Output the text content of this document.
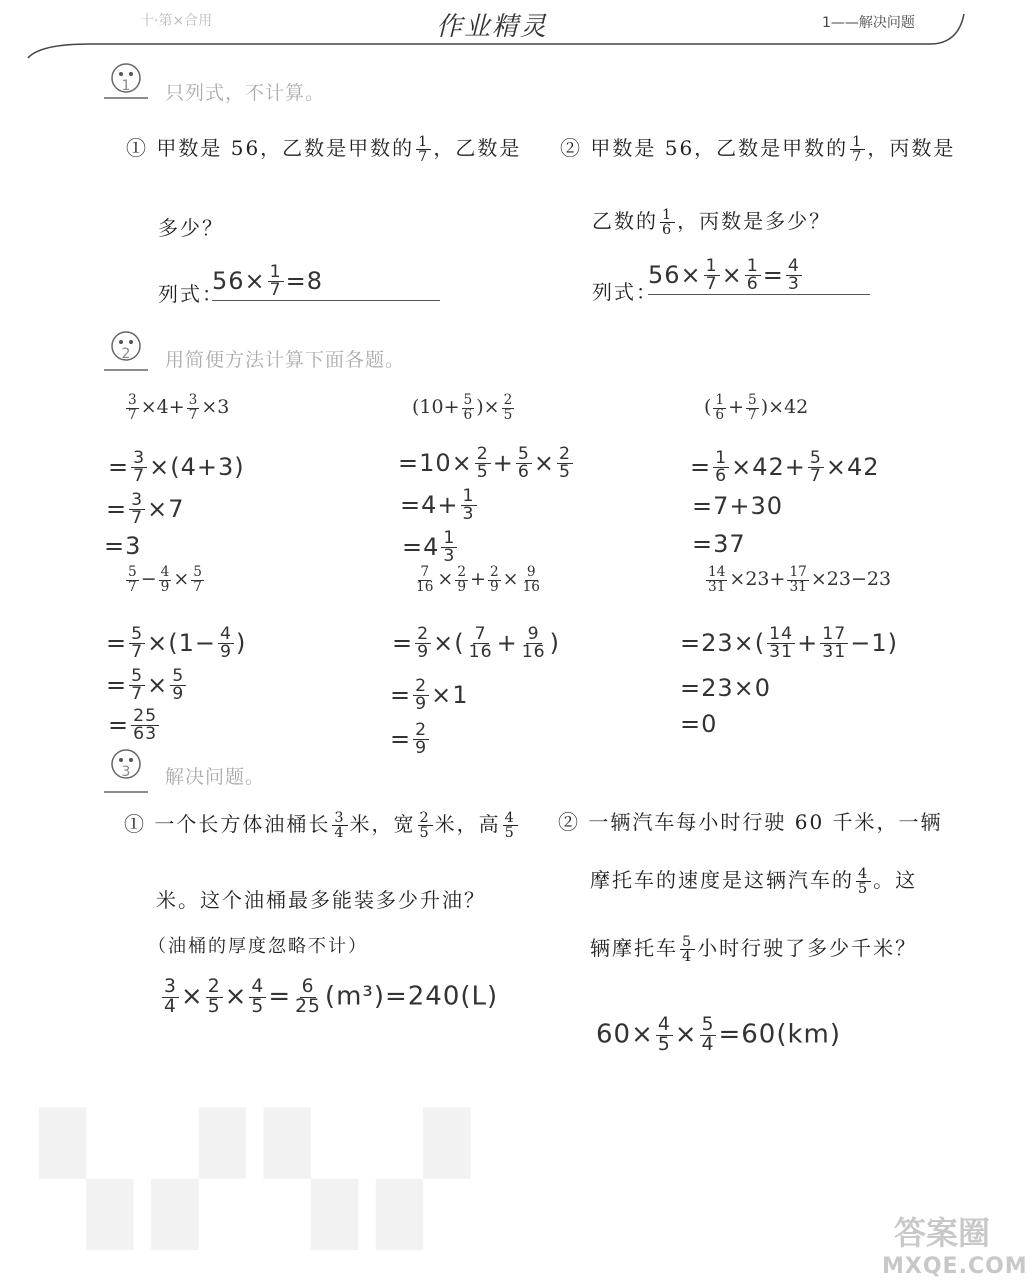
十·第×合用	作业精灵	1——解决问题
1 只列式，不计算。
① 甲数是 56，乙数是甲数的 $\frac{1}{7}$ ，乙数是
多少？
列式：
$56\times \frac{1}{7} =8$
② 甲数是 56，乙数是甲数的 $\frac{1}{7}$ ，丙数是
乙数的 $\frac{1}{6}$ ，丙数是多少？
列式：
$56\times \frac{1}{7} \times \frac{1}{6} = \frac{4}{3}$
2 用简便方法计算下面各题。
$\frac{3}{7} \times 4+ \frac{3}{7} \times 3$
= $\frac{3}{7} \times(4+3)$
= $\frac{3}{7} \times 7$
=3
($10+ \frac{5}{6}$ )× $\frac{2}{5}$
$=10\times \frac{2}{5} + \frac{5}{6} \times \frac{2}{5}$
$=4+ \frac{1}{3}$
$=4 \frac{1}{3}$
( $\frac{1}{6} + \frac{5}{7} )\times 42$
= $\frac{1}{6} \times 42+ \frac{5}{7} \times 42$
=7+30
=37
$\frac{5}{7} - \frac{4}{9} \times \frac{5}{7}$
= $\frac{5}{7} \times(1- \frac{4}{9}$ )
= $\frac{5}{7} \times \frac{5}{9}$
= $\frac{25}{63}$
$\frac{7}{16} \times \frac{2}{9} + \frac{2}{9} \times \frac{9}{16}$
= $\frac{2}{9}$ ×( $\frac{7}{16} + \frac{9}{16}$ )
= $\frac{2}{9} \times 1$
= $\frac{2}{9}$
$\frac{14}{31} \times 23+ \frac{17}{31} \times 23-23$
$=23\times( \frac{14}{31} + \frac{17}{31} -1)$
=23×0
=0
3 解决问题。
① 一个长方体油桶长 $\frac{3}{4}$ 米，宽 $\frac{2}{5}$ 米，高 $\frac{4}{5}$
米。这个油桶最多能装多少升油？
（油桶的厚度忽略不计）
$\frac{3}{4} \times \frac{2}{5} \times \frac{4}{5} = \frac{6}{25} (m^3)=240(L)$
② 一辆汽车每小时行驶 60 千米，一辆
摩托车的速度是这辆汽车的 $\frac{4}{5}$ 。这
辆摩托车 $\frac{5}{4}$ 小时行驶了多少千米？
$60\times \frac{4}{5} \times \frac{5}{4} =60(km)$
▚▞▚▞	答案圈
MXQE.COM
